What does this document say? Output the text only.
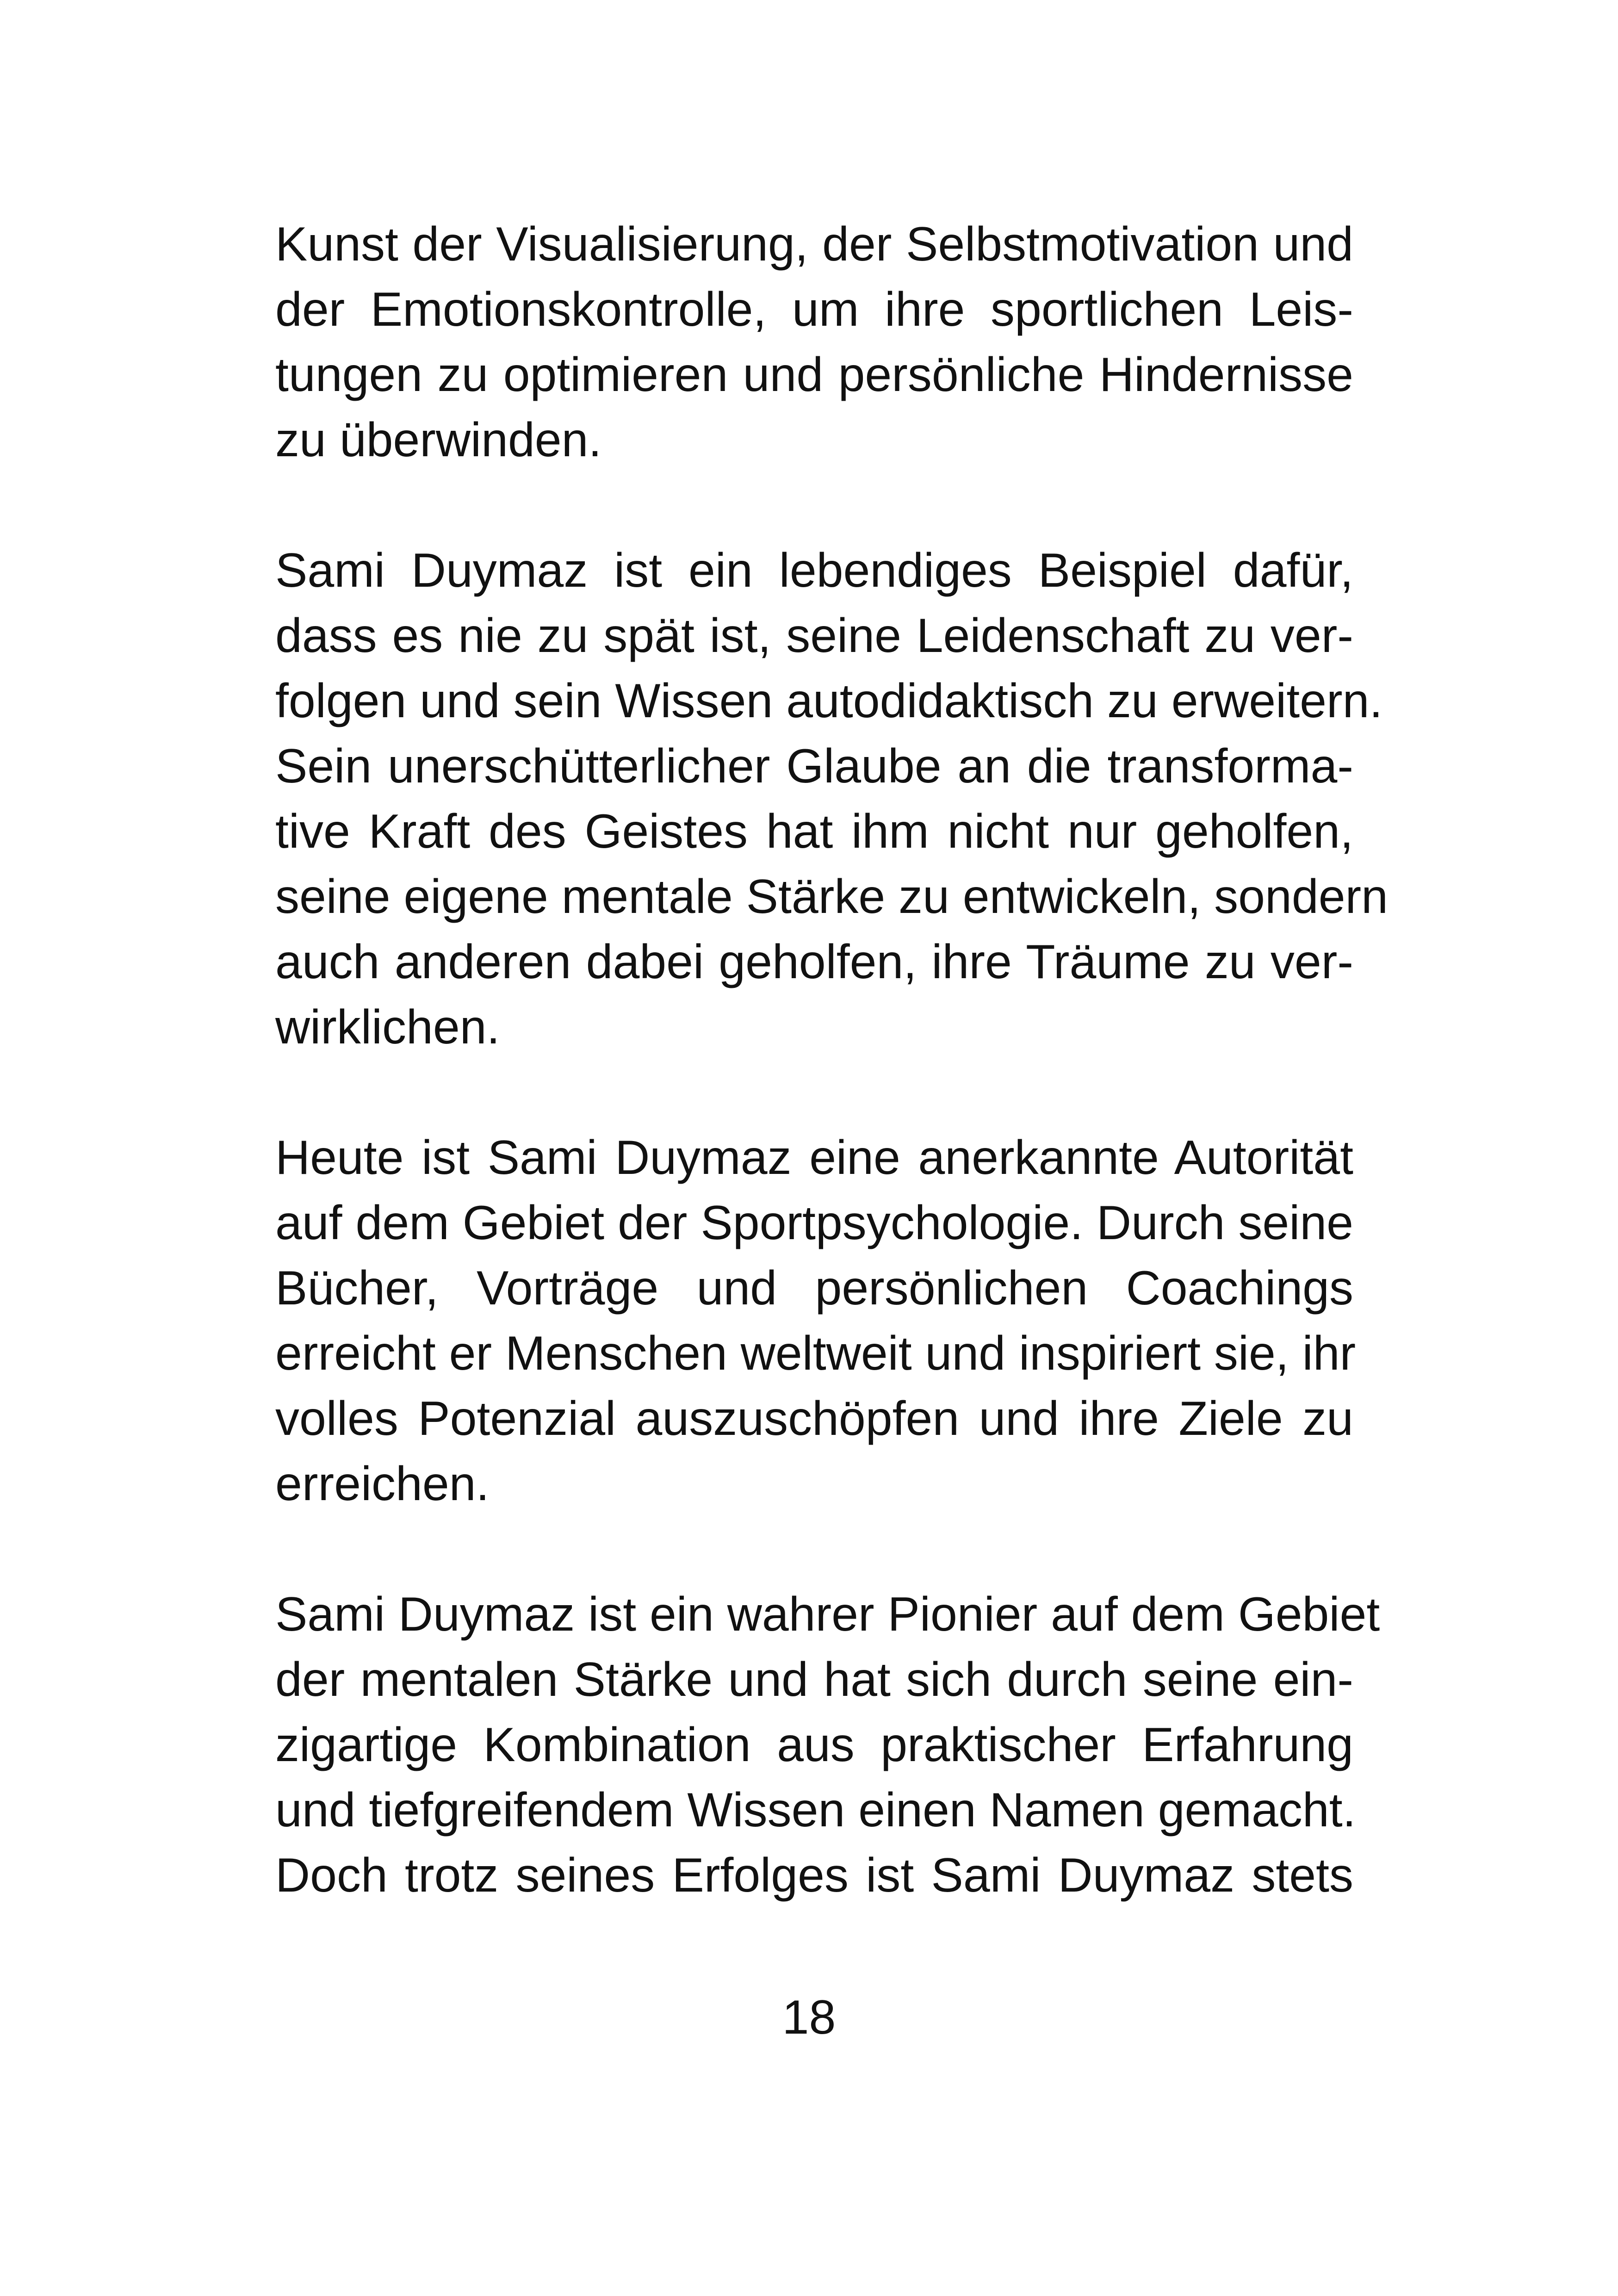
Kunst der Visualisierung, der Selbstmotivation und
der Emotionskontrolle, um ihre sportlichen Leis-
tungen zu optimieren und persönliche Hindernisse
zu überwinden.

Sami Duymaz ist ein lebendiges Beispiel dafür,
dass es nie zu spät ist, seine Leidenschaft zu ver-
folgen und sein Wissen autodidaktisch zu erweitern.
Sein unerschütterlicher Glaube an die transforma-
tive Kraft des Geistes hat ihm nicht nur geholfen,
seine eigene mentale Stärke zu entwickeln, sondern
auch anderen dabei geholfen, ihre Träume zu ver-
wirklichen.

Heute ist Sami Duymaz eine anerkannte Autorität
auf dem Gebiet der Sportpsychologie. Durch seine
Bücher, Vorträge und persönlichen Coachings
erreicht er Menschen weltweit und inspiriert sie, ihr
volles Potenzial auszuschöpfen und ihre Ziele zu
erreichen.

Sami Duymaz ist ein wahrer Pionier auf dem Gebiet
der mentalen Stärke und hat sich durch seine ein-
zigartige Kombination aus praktischer Erfahrung
und tiefgreifendem Wissen einen Namen gemacht.
Doch trotz seines Erfolges ist Sami Duymaz stets

18
